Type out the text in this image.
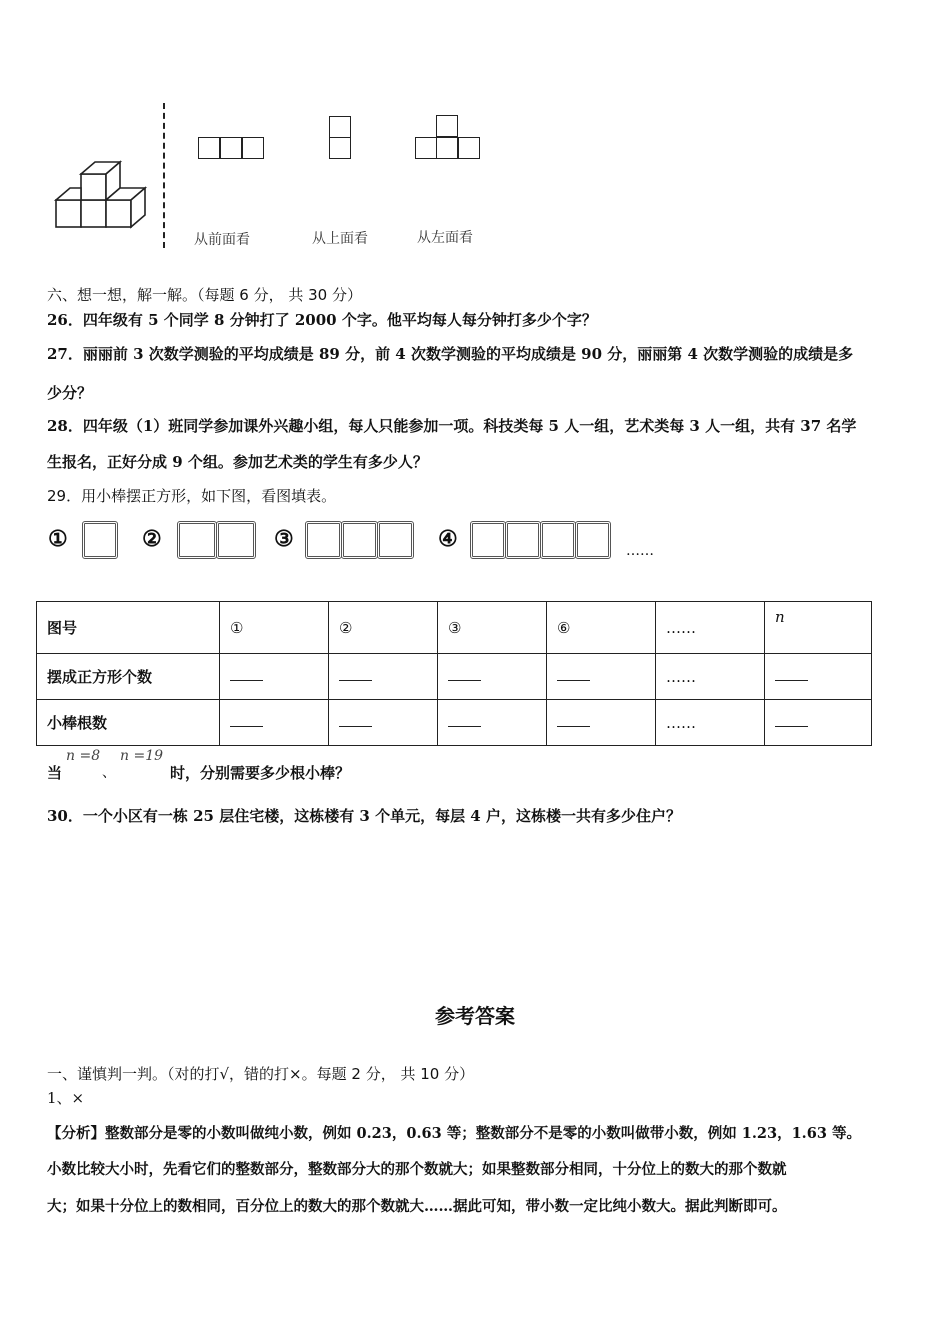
从前面看	从上面看	从左面看
六、想一想，解一解。（每题 6 分， 共 30 分）
26．四年级有 5 个同学 8 分钟打了 2000 个字。他平均每人每分钟打多少个字？
27．丽丽前 3 次数学测验的平均成绩是 89 分，前 4 次数学测验的平均成绩是 90 分，丽丽第 4 次数学测验的成绩是多
少分？
28．四年级（1）班同学参加课外兴趣小组，每人只能参加一项。科技类每 5 人一组，艺术类每 3 人一组，共有 37 名学
生报名，正好分成 9 个组。参加艺术类的学生有多少人？
29．用小棒摆正方形，如下图，看图填表。
①	②	③	④	……
图号	①	②	③	⑥	……	n
摆成正方形个数					……	
小棒根数					……	
当
n =8
、
n =19
时，分别需要多少根小棒？
30．一个小区有一栋 25 层住宅楼，这栋楼有 3 个单元，每层 4 户，这栋楼一共有多少住户？
参考答案
一、谨慎判一判。（对的打√，错的打×。每题 2 分， 共 10 分）
1、×
【分析】整数部分是零的小数叫做纯小数，例如 0.23，0.63 等；整数部分不是零的小数叫做带小数，例如 1.23，1.63 等。
小数比较大小时，先看它们的整数部分，整数部分大的那个数就大；如果整数部分相同，十分位上的数大的那个数就
大；如果十分位上的数相同，百分位上的数大的那个数就大……据此可知，带小数一定比纯小数大。据此判断即可。
